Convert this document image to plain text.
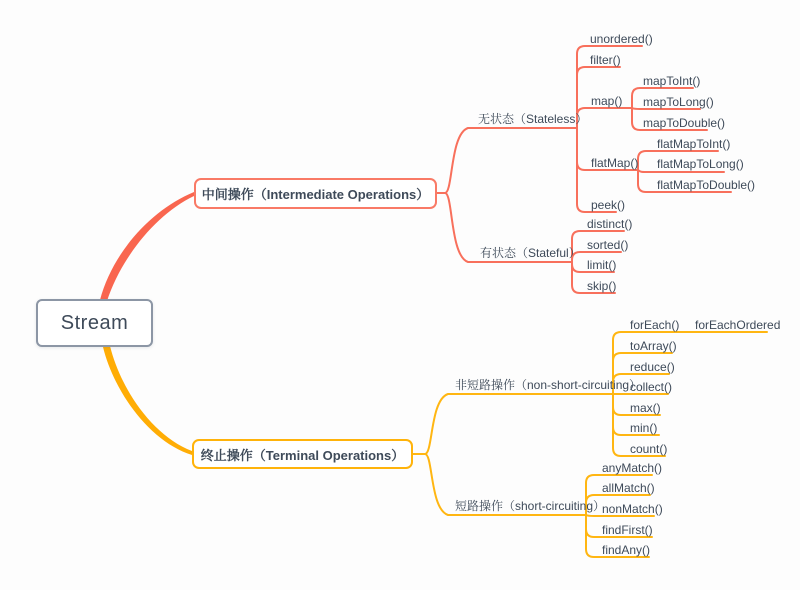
Stream
中间操作（Intermediate Operations）
终止操作（Terminal Operations）
无状态（Stateless）
unordered()
filter()
map()
mapToInt()
mapToLong()
mapToDouble()
flatMap()
flatMapToInt()
flatMapToLong()
flatMapToDouble()
peek()
有状态（Stateful）
distinct()
sorted()
limit()
skip()
非短路操作（non-short-circuiting）
forEach() forEachOrdered
toArray()
reduce()
collect()
max()
min()
count()
短路操作（short-circuiting）
anyMatch()
allMatch()
nonMatch()
findFirst()
findAny()
